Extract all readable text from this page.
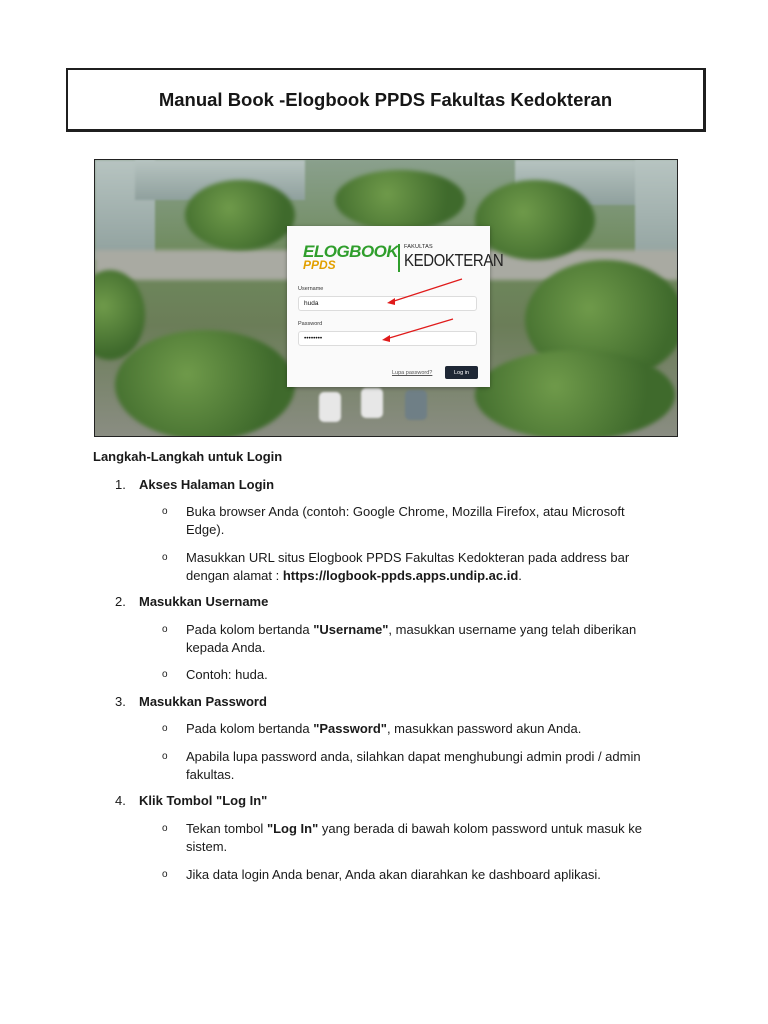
Manual Book -Elogbook PPDS Fakultas Kedokteran
ELOGBOOK
PPDS
FAKULTAS
KEDOKTERAN
Username
huda
Password
••••••••
Lupa password?	Log in
Langkah-Langkah untuk Login
1. Akses Halaman Login
o Buka browser Anda (contoh: Google Chrome, Mozilla Firefox, atau Microsoft
Edge).
o Masukkan URL situs Elogbook PPDS Fakultas Kedokteran pada address bar
dengan alamat : https://logbook-ppds.apps.undip.ac.id.
2. Masukkan Username
o Pada kolom bertanda "Username", masukkan username yang telah diberikan
kepada Anda.
o Contoh: huda.
3. Masukkan Password
o Pada kolom bertanda "Password", masukkan password akun Anda.
o Apabila lupa password anda, silahkan dapat menghubungi admin prodi / admin
fakultas.
4. Klik Tombol "Log In"
o Tekan tombol "Log In" yang berada di bawah kolom password untuk masuk ke
sistem.
o Jika data login Anda benar, Anda akan diarahkan ke dashboard aplikasi.
